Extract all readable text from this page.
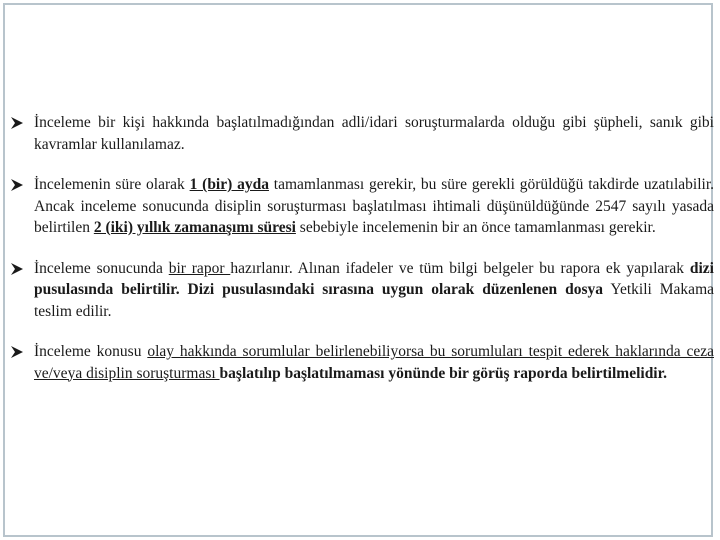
İnceleme bir kişi hakkında başlatılmadığından adli/idari soruşturmalarda olduğu gibi şüpheli, sanık gibi kavramlar kullanılamaz.
İncelemenin süre olarak 1 (bir) ayda tamamlanması gerekir, bu süre gerekli görüldüğü takdirde uzatılabilir. Ancak inceleme sonucunda disiplin soruşturması başlatılması ihtimali düşünüldüğünde 2547 sayılı yasada belirtilen 2 (iki) yıllık zamanaşımı süresi sebebiyle incelemenin bir an önce tamamlanması gerekir.
İnceleme sonucunda bir rapor hazırlanır. Alınan ifadeler ve tüm bilgi belgeler bu rapora ek yapılarak dizi pusulasında belirtilir. Dizi pusulasındaki sırasına uygun olarak düzenlenen dosya Yetkili Makama teslim edilir.
İnceleme konusu olay hakkında sorumlular belirlenebiliyorsa bu sorumluları tespit ederek haklarında ceza ve/veya disiplin soruşturması başlatılıp başlatılmaması yönünde bir görüş raporda belirtilmelidir.
